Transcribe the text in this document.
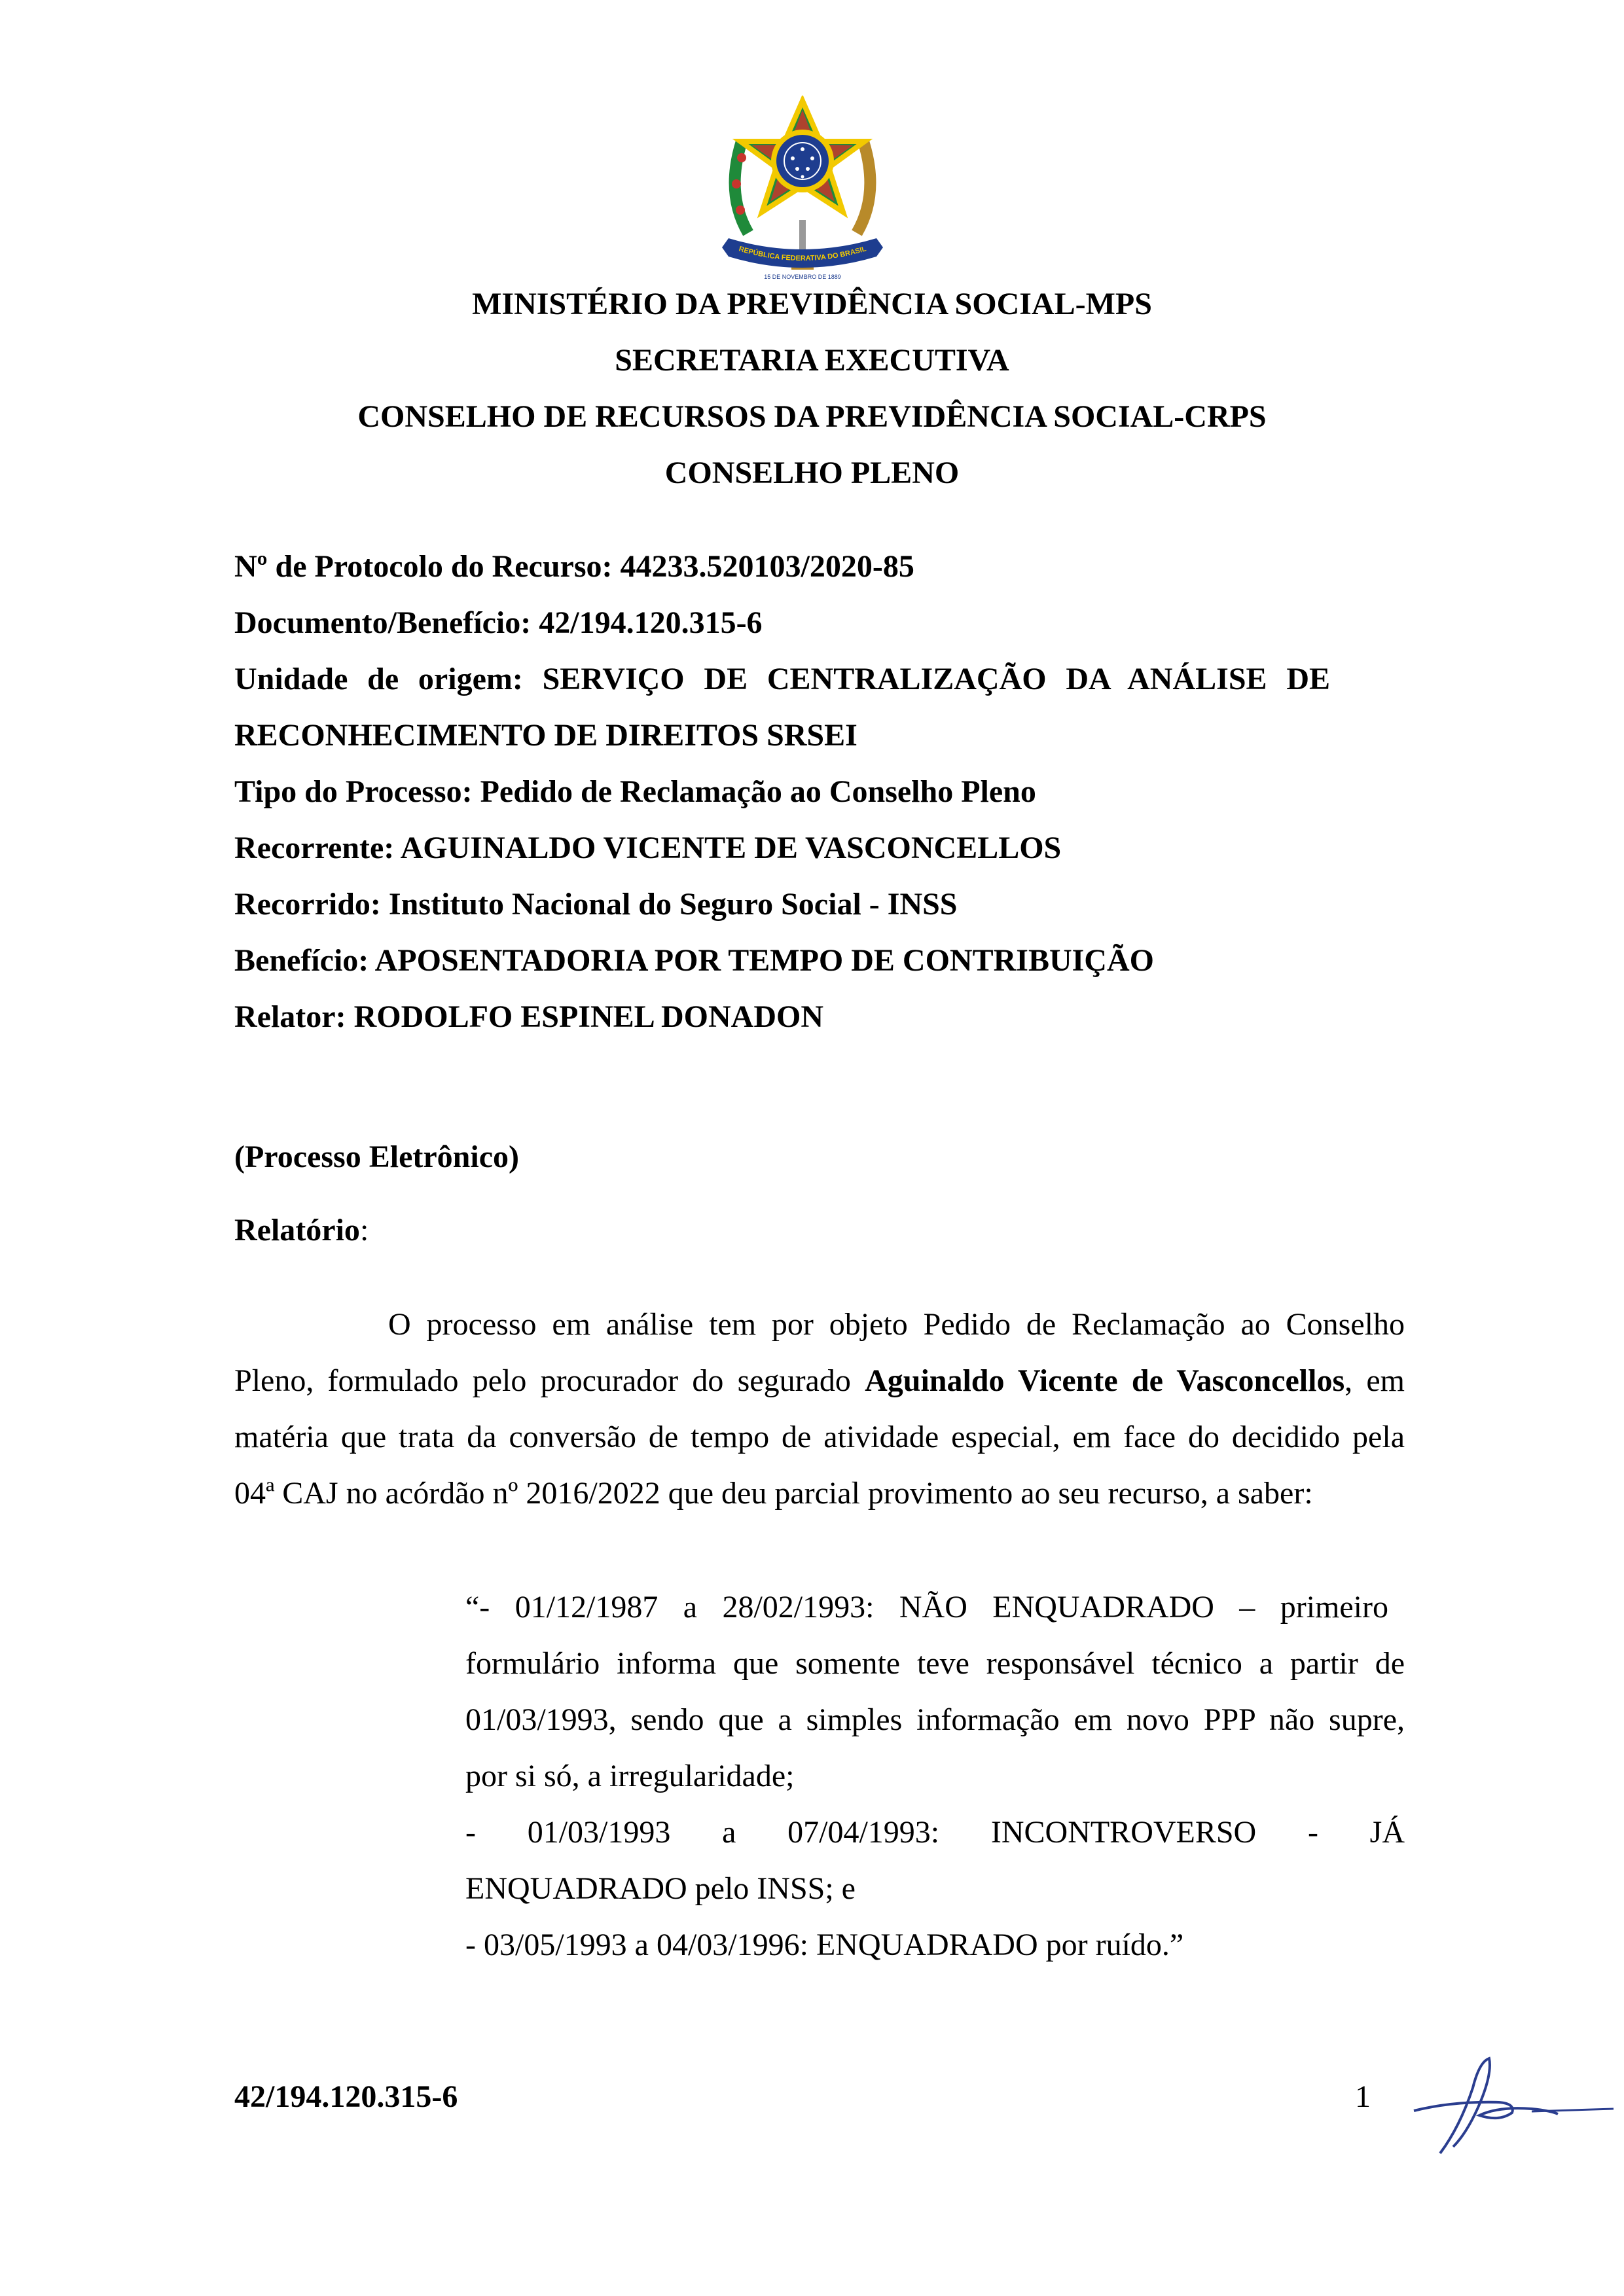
REPÚBLICA FEDERATIVA DO BRASIL
15 DE NOVEMBRO DE 1889
MINISTÉRIO DA PREVIDÊNCIA SOCIAL-MPS
SECRETARIA EXECUTIVA
CONSELHO DE RECURSOS DA PREVIDÊNCIA SOCIAL-CRPS
CONSELHO PLENO
Nº de Protocolo do Recurso: 44233.520103/2020-85
Documento/Benefício: 42/194.120.315-6
Unidade de origem: SERVIÇO DE CENTRALIZAÇÃO DA ANÁLISE DE
RECONHECIMENTO DE DIREITOS SRSEI
Tipo do Processo: Pedido de Reclamação ao Conselho Pleno
Recorrente: AGUINALDO VICENTE DE VASCONCELLOS
Recorrido: Instituto Nacional do Seguro Social - INSS
Benefício: APOSENTADORIA POR TEMPO DE CONTRIBUIÇÃO
Relator: RODOLFO ESPINEL DONADON
(Processo Eletrônico)
Relatório:
O processo em análise tem por objeto Pedido de Reclamação ao Conselho
Pleno, formulado pelo procurador do segurado Aguinaldo Vicente de Vasconcellos, em
matéria que trata da conversão de tempo de atividade especial, em face do decidido pela
04ª CAJ no acórdão nº 2016/2022 que deu parcial provimento ao seu recurso, a saber:
“- 01/12/1987 a 28/02/1993: NÃO ENQUADRADO – primeiro
formulário informa que somente teve responsável técnico a partir de
01/03/1993, sendo que a simples informação em novo PPP não supre,
por si só, a irregularidade;
- 01/03/1993 a 07/04/1993: INCONTROVERSO - JÁ
ENQUADRADO pelo INSS; e
- 03/05/1993 a 04/03/1996: ENQUADRADO por ruído.”
42/194.120.315-6	1
